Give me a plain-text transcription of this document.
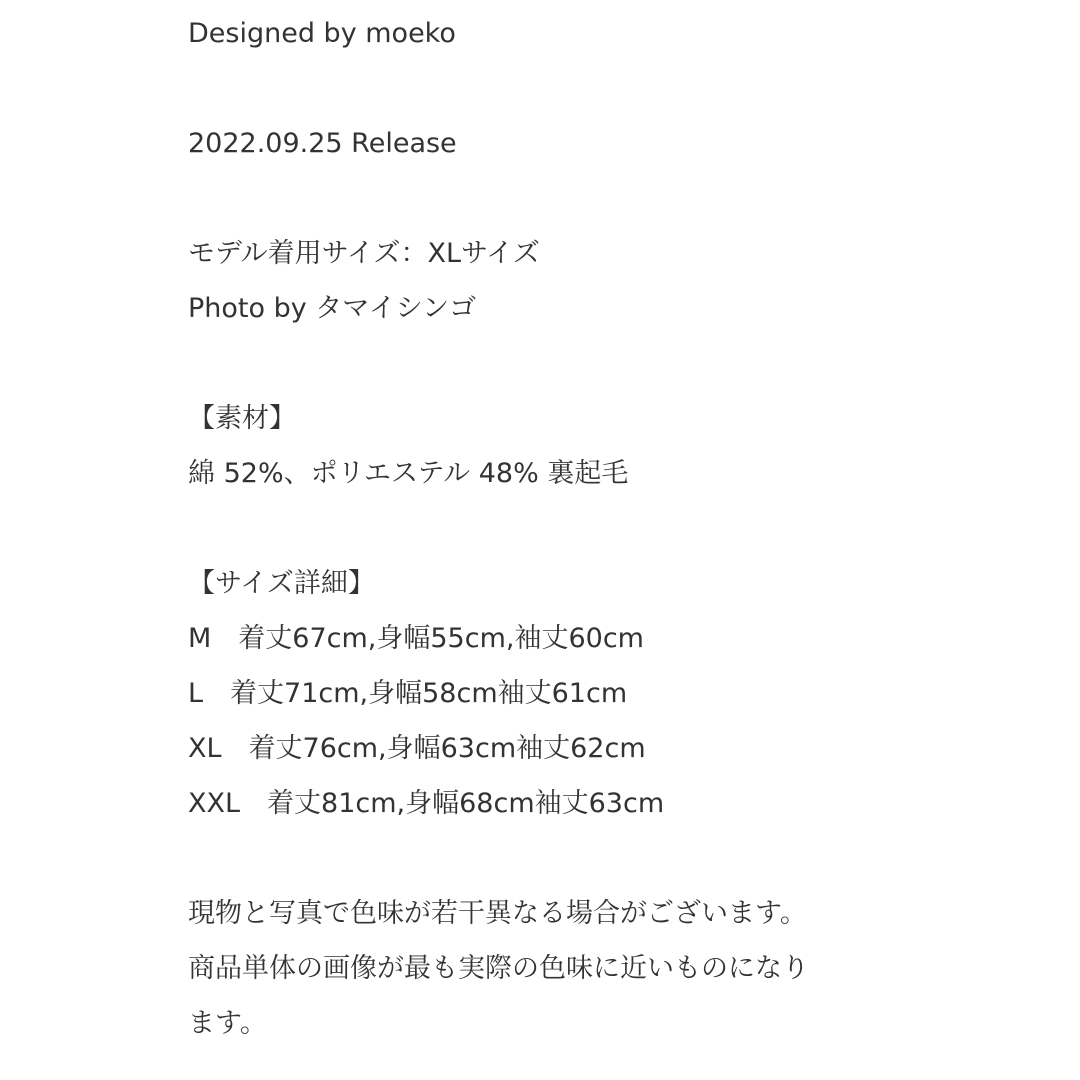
Designed by moeko
2022.09.25 Release
モデル着用サイズ：XLサイズ
Photo by タマイシンゴ
【素材】
綿 52%、ポリエステル 48% 裏起毛
【サイズ詳細】
M　着丈67cm,身幅55cm,袖丈60cm
L　着丈71cm,身幅58cm袖丈61cm
XL　着丈76cm,身幅63cm袖丈62cm
XXL　着丈81cm,身幅68cm袖丈63cm
現物と写真で色味が若干異なる場合がございます。
商品単体の画像が最も実際の色味に近いものになり
ます。
